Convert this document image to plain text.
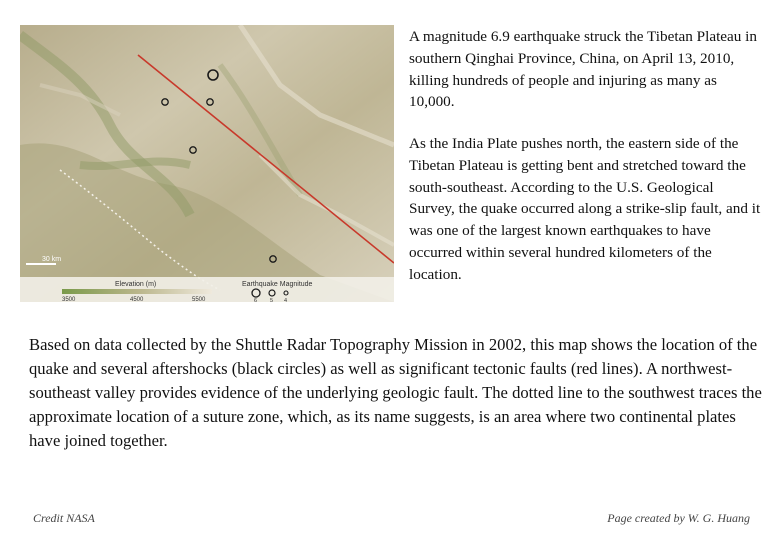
30 km
Elevation (m)
3500	4500	5500
Earthquake Magnitude
6 5 4

A magnitude 6.9 earthquake struck the Tibetan Plateau in southern Qinghai Province, China, on April 13, 2010, killing hundreds of people and injuring as many as 10,000.

As the India Plate pushes north, the eastern side of the Tibetan Plateau is getting bent and stretched toward the south-southeast. According to the U.S. Geological Survey, the quake occurred along a strike-slip fault, and it was one of the largest known earthquakes to have occurred within several hundred kilometers of the location.

Based on data collected by the Shuttle Radar Topography Mission in 2002, this map shows the location of the quake and several aftershocks (black circles) as well as significant tectonic faults (red lines). A northwest-southeast valley provides evidence of the underlying geologic fault. The dotted line to the southwest traces the approximate location of a suture zone, which, as its name suggests, is an area where two continental plates have joined together.

Credit NASA	Page created by W. G. Huang
